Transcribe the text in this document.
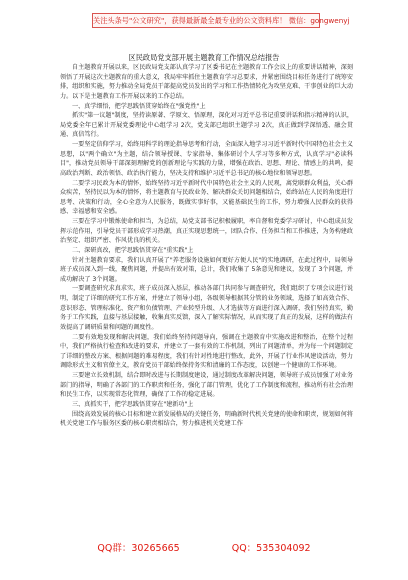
关注头条号"公文研究"，获得最新最全最专业的公文资料库！ 微信：gongwenyj
区民政局党支部开展主题教育工作情况总结报告

自主题教育开展以来，区民政局党支部认真学习了区委书记在主题教育工作会议上的重要讲话精神，深刻领悟了开展这次主题教育的重大意义，我局牢牢抓住主题教育学习总要求，并紧密围绕目标任务进行了统筹安排，组织和实施，努力推动全局党员干部提高党员发出的学习和工作热情转化为攻坚克难、干事创业的巨大动力。以下是主题教育工作开展以来的工作总结。

一、真学细悟，把学思践悟贯穿始终在"强党性"上

抓实"第一议题"制度，坚持读原著、学原文、悟原理，深化对习近平总书记重要讲话和指示精神的认识，局党委全年已累计开展党委理论中心组学习 2次，党支部已组织主题学习 2次，真正做到学深悟透、融会贯通、真信笃行。

一要坚定信仰学习，始终用科学的理论指导思考和行动，全面深入地学习习近平新时代中国特色社会主义思想，以"两个确立"为主题，结合领导授课、专家指导、集体研讨个人学习等多种方式，认真学习"必读科目"，推动党员领导干部深刻理解党的创新理论与实践的力量，增强在政治、思想、理论、情感上的共鸣，提高政治判断、政治领悟、政治执行能力，坚决支持和维护习近平总书记的核心地位和领导思想。

二要学习民政为本的情怀，始终坚持习近平新时代中国特色社会主义的人民观，离党联群众利益，关心群众疾苦，坚持民以为本的情怀，将主题教育与民政业务、解决群众关切问题相结合，始终站在人民的角度进行思考、决策和行动，全心全意为人民服务，既做实事好事，又能基础民生的工作，努力增强人民群众的获得感、幸福感和安全感。

三要在学习中锻炼使命和担当，为总结，局党支部书记积极履职，率自督和党委学习研讨，中心组成员发挥示范作用，引导党员干部形成学习热潮，真正实现思想统一，团队合作、任务担当和工作推进，为务构建政治坚定、组织严密、作风优良的机关。

二、深研真改，把学思践悟贯穿在"重实践"上

针对主题教育要求，我们认真开展了"养老服务设施如何更好方便人民"的实地调研，在此过程中，局领导班子成员深入到一线，聚焦问题，并提出有效对策，总计，我们收集了 5条意见和建议，发现了 3个问题，并成功解决了 3个问题。

一要调查研究求真求实，班子成员深入基层，推动各部门共同参与调查研究，我们组织了专项会议进行说明，制定了详细的研究工作方案，并建立了领导小组，各级领导根据其分管的业务领域，选择了如高效合作、意识形态、管理标准化、资产和负债管理、产业转型升级、人才选拔等方面进行深入调研，我们坚持真实，勤务于工作实践，直接与基层接触，收集真实反馈，深入了解实际情况，从而实现了真正的发展，这样的做法有效提高了调研质量和问题的调度性。

二要有效地发现和解决问题，我们始终坚持问题导向，强调在主题教育中实施改进和整治，在整个过程中，我们严格执行检查和改进的要求，并建立了一套有效的工作机制，列出了问题清单，并为每一个问题制定了详细的整改方案、根据问题的难易程度，我们有针对性地进行整改，此外，开展了行业作风建设活动，努力调除形式主义和官僚主义，教育党员干部始终保持务实和清廉的工作态度，以创建一个健康的工作环境。

三要建立长效机制，结合即时改进与长期制度建设，通过制度改革解决问题，领导班子成员加强了对业务部门的指导，明确了各部门的工作职责和任务，强化了部门管理，优化了工作制度和流程，推动所有社会治理和民生工作，以实现常态化管理，确保了工作的稳定进展。

三、真抓实干，把学思践悟贯穿在"建新功"上

围绕高效发展的核心目标和建立新发展格局的关键任务，明确新时代机关党建的使命和职责，规划如何将机关党建工作与服务区委的核心职责相结合，努力推进机关党建工作

QQ群：30265665	QQ：535304092
